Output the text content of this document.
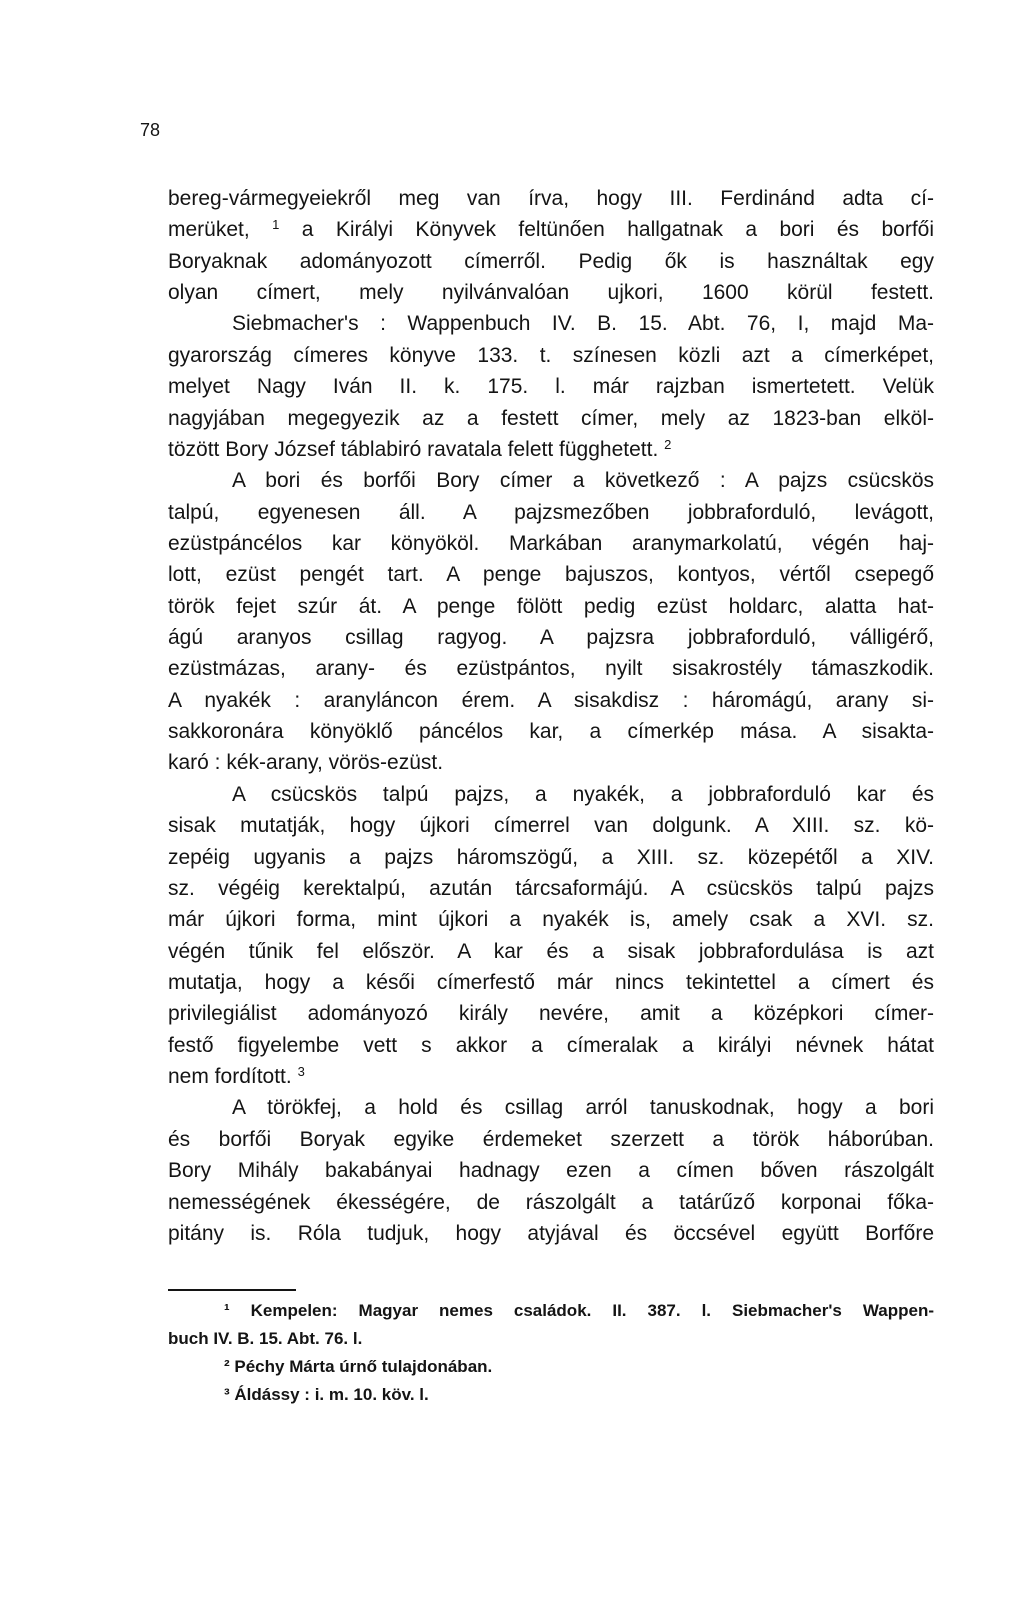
78
bereg-vármegyeiekről meg van írva, hogy III. Ferdinánd adta cí-
merüket, $^1$ a Királyi Könyvek feltünően hallgatnak a bori és borfői
Boryaknak adományozott címerről. Pedig ők is használtak egy
olyan címert, mely nyilvánvalóan ujkori, 1600 körül festett.
Siebmacher's : Wappenbuch IV. B. 15. Abt. 76, I, majd Ma-
gyarország címeres könyve 133. t. színesen közli azt a címerképet,
melyet Nagy Iván II. k. 175. l. már rajzban ismertetett. Velük
nagyjában megegyezik az a festett címer, mely az 1823-ban elköl-
tözött Bory József táblabiró ravatala felett függhetett. $^2$
A bori és borfői Bory címer a következő : A pajzs csücskös
talpú, egyenesen áll. A pajzsmezőben jobbraforduló, levágott,
ezüstpáncélos kar könyököl. Markában aranymarkolatú, végén haj-
lott, ezüst pengét tart. A penge bajuszos, kontyos, vértől csepegő
török fejet szúr át. A penge fölött pedig ezüst holdarc, alatta hat-
ágú aranyos csillag ragyog. A pajzsra jobbraforduló, válligérő,
ezüstmázas, arany- és ezüstpántos, nyilt sisakrostély támaszkodik.
A nyakék : aranyláncon érem. A sisakdisz : háromágú, arany si-
sakkoronára könyöklő páncélos kar, a címerkép mása. A sisakta-
karó : kék-arany, vörös-ezüst.
A csücskös talpú pajzs, a nyakék, a jobbraforduló kar és
sisak mutatják, hogy újkori címerrel van dolgunk. A XIII. sz. kö-
zepéig ugyanis a pajzs háromszögű, a XIII. sz. közepétől a XIV.
sz. végéig kerektalpú, azután tárcsaformájú. A csücskös talpú pajzs
már újkori forma, mint újkori a nyakék is, amely csak a XVI. sz.
végén tűnik fel először. A kar és a sisak jobbrafordulása is azt
mutatja, hogy a késői címerfestő már nincs tekintettel a címert és
privilegiálist adományozó király nevére, amit a középkori címer-
festő figyelembe vett s akkor a címeralak a királyi névnek hátat
nem fordított. $^3$
A törökfej, a hold és csillag arról tanuskodnak, hogy a bori
és borfői Boryak egyike érdemeket szerzett a török háborúban.
Bory Mihály bakabányai hadnagy ezen a címen bőven rászolgált
nemességének ékességére, de rászolgált a tatárűző korponai főka-
pitány is. Róla tudjuk, hogy atyjával és öccsével együtt Borfőre
¹ Kempelen: Magyar nemes családok. II. 387. l. Siebmacher's Wappen-
buch IV. B. 15. Abt. 76. l.
² Péchy Márta úrnő tulajdonában.
³ Áldássy : i. m. 10. köv. l.
